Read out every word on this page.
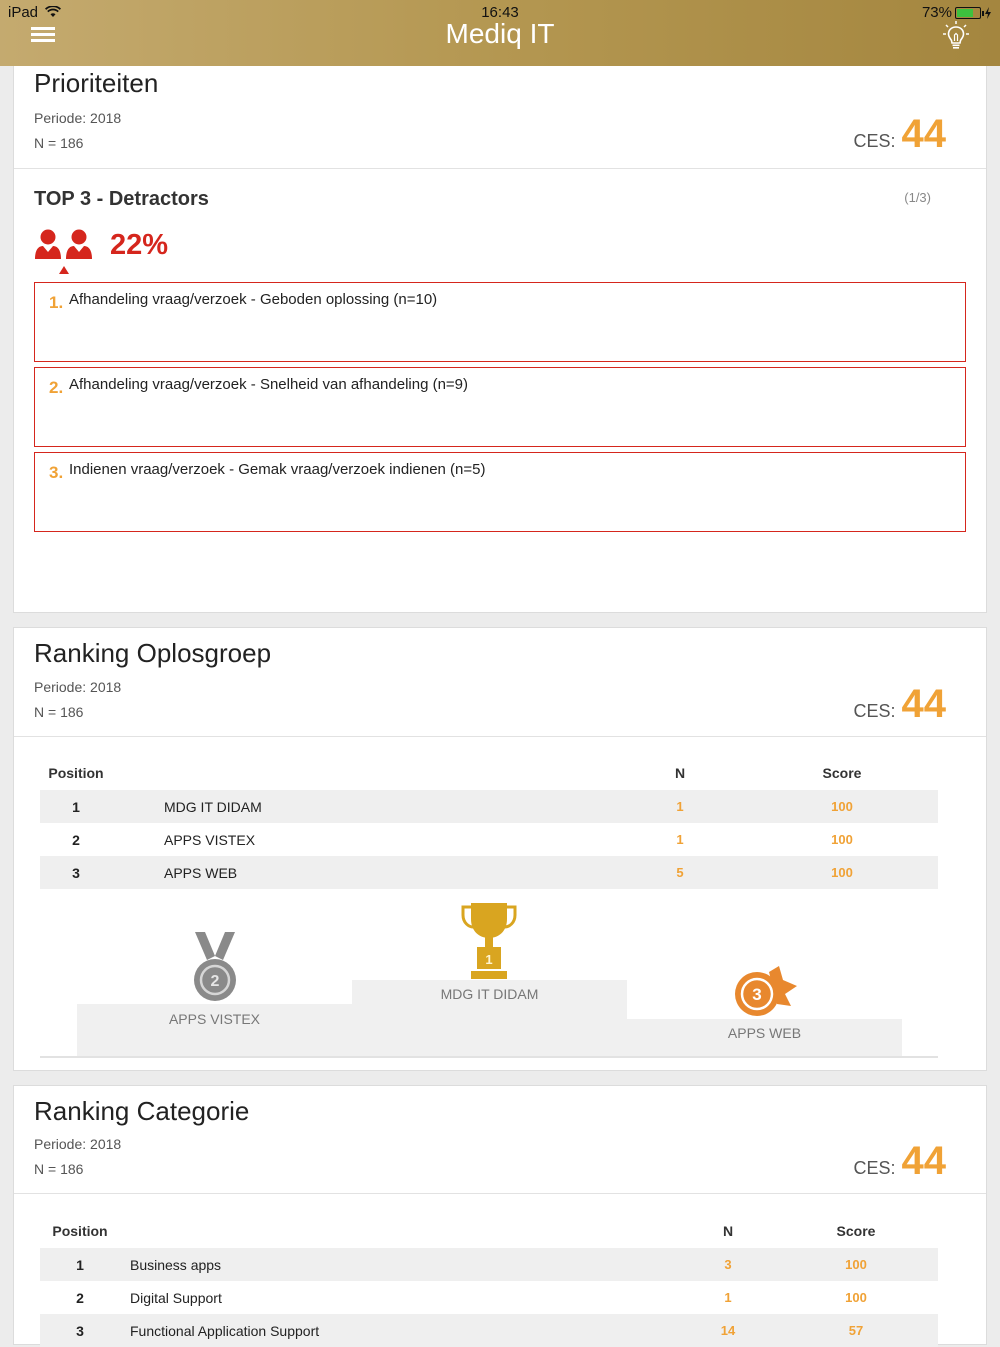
iPad	16:43	73%
Mediq IT
Prioriteiten
Periode: 2018
N = 186	CES: 44
TOP 3 - Detractors	(1/3)
22%
1. Afhandeling vraag/verzoek - Geboden oplossing (n=10)
2. Afhandeling vraag/verzoek - Snelheid van afhandeling (n=9)
3. Indienen vraag/verzoek - Gemak vraag/verzoek indienen (n=5)
Ranking Oplosgroep
Periode: 2018
N = 186	CES: 44
Position		N	Score
1	MDG IT DIDAM	1	100
2	APPS VISTEX	1	100
3	APPS WEB	5	100
2
APPS VISTEX
1
MDG IT DIDAM	3
APPS WEB
Ranking Categorie
Periode: 2018
N = 186	CES: 44
Position		N	Score
1	Business apps	3	100
2	Digital Support	1	100
3	Functional Application Support	14	57
